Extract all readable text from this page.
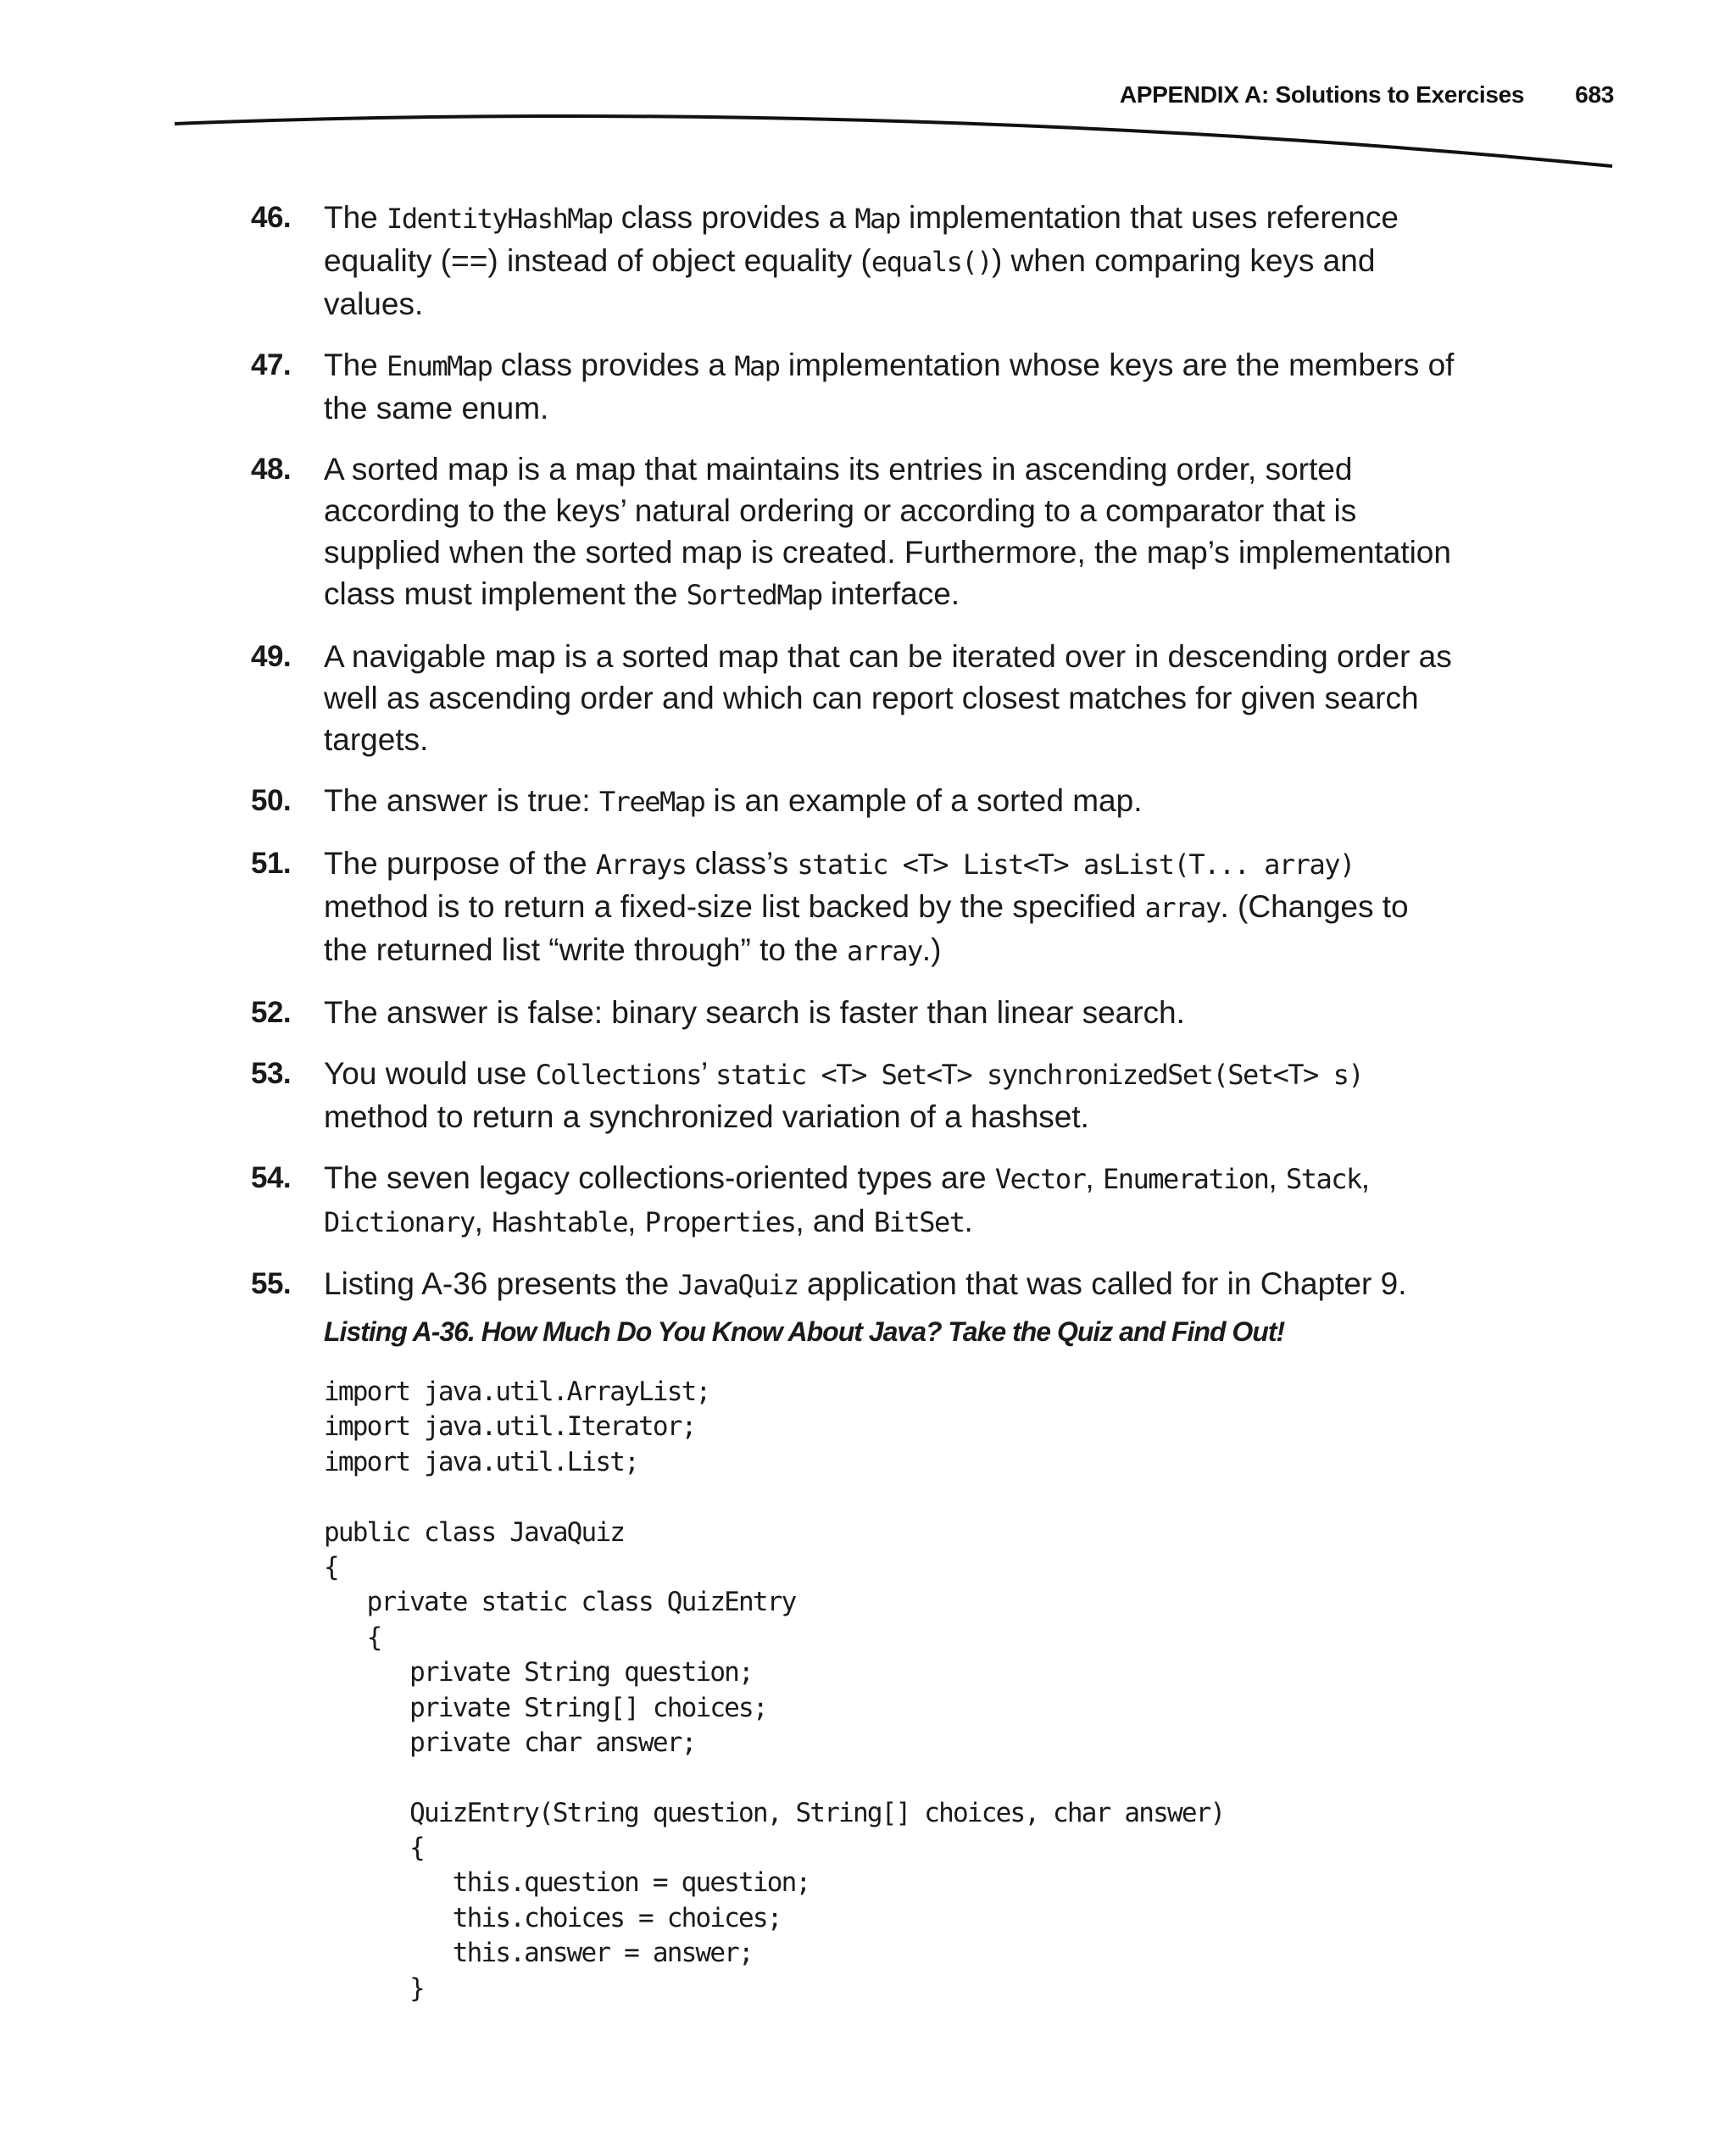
APPENDIX A: Solutions to Exercises 683
46.	The IdentityHashMap class provides a Map implementation that uses reference equality (==) instead of object equality (equals()) when comparing keys and values.
47.	The EnumMap class provides a Map implementation whose keys are the members of the same enum.
48.	A sorted map is a map that maintains its entries in ascending order, sorted according to the keys’ natural ordering or according to a comparator that is supplied when the sorted map is created. Furthermore, the map’s implementation class must implement the SortedMap interface.
49.	A navigable map is a sorted map that can be iterated over in descending order as well as ascending order and which can report closest matches for given search targets.
50.	The answer is true: TreeMap is an example of a sorted map.
51.	The purpose of the Arrays class’s static <T> List<T> asList(T... array) method is to return a fixed-size list backed by the specified array. (Changes to the returned list “write through” to the array.)
52.	The answer is false: binary search is faster than linear search.
53.	You would use Collections’ static <T> Set<T> synchronizedSet(Set<T> s) method to return a synchronized variation of a hashset.
54.	The seven legacy collections-oriented types are Vector, Enumeration, Stack, Dictionary, Hashtable, Properties, and BitSet.
55.	Listing A-36 presents the JavaQuiz application that was called for in Chapter 9.
Listing A-36. How Much Do You Know About Java? Take the Quiz and Find Out!
import java.util.ArrayList;
import java.util.Iterator;
import java.util.List;
public class JavaQuiz
{
private static class QuizEntry
{
private String question;
private String[] choices;
private char answer;
QuizEntry(String question, String[] choices, char answer)
{
this.question = question;
this.choices = choices;
this.answer = answer;
}
